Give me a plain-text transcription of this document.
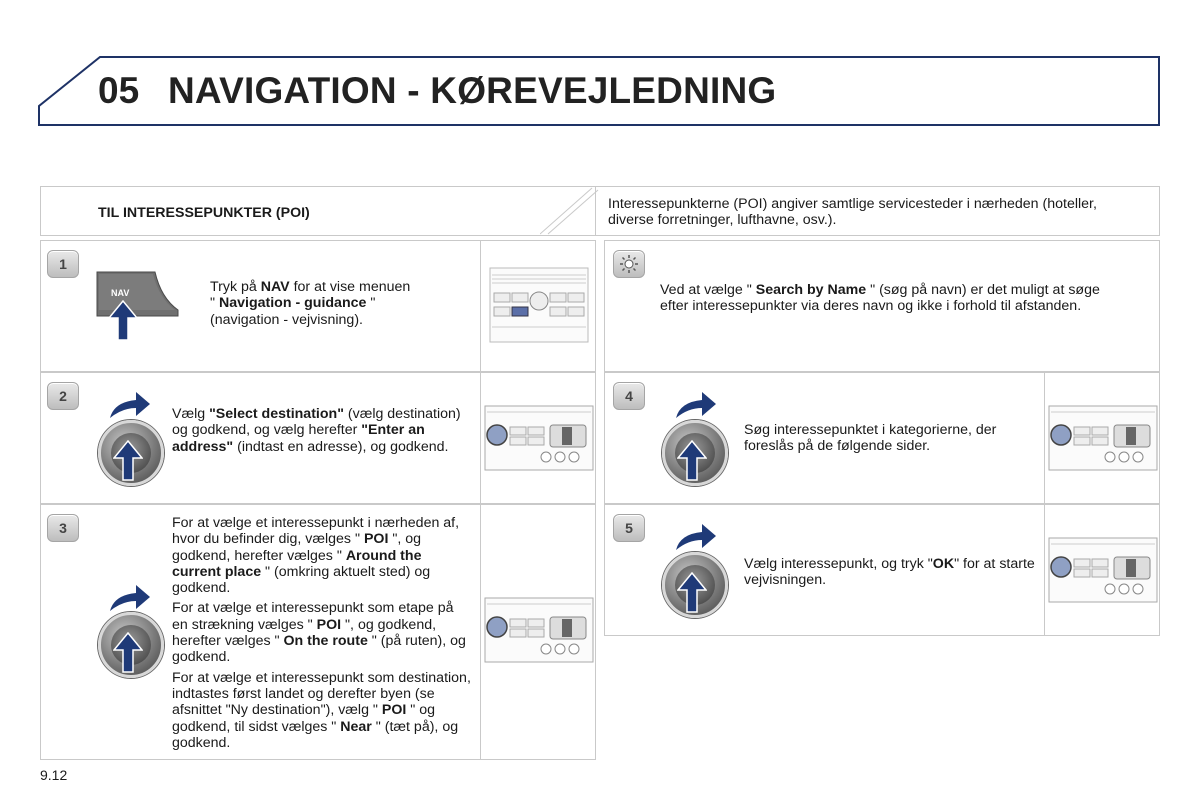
05 NAVIGATION - KØREVEJLEDNING
TIL INTERESSEPUNKTER (POI)
Interessepunkterne (POI) angiver samtlige servicesteder i nærheden (hoteller, diverse forretninger, lufthavne, osv.).
1
NAV	Tryk på NAV for at vise menuen
" Navigation - guidance "
(navigation - vejvisning).
Ved at vælge " Search by Name " (søg på navn) er det muligt at søge efter interessepunkter via deres navn og ikke i forhold til afstanden.
2
Vælg "Select destination" (vælg destination) og godkend, og vælg herefter "Enter an address" (indtast en adresse), og godkend.
4
Søg interessepunktet i kategorierne, der foreslås på de følgende sider.
3	For at vælge et interessepunkt i nærheden af, hvor du befinder dig, vælges " POI ", og godkend, herefter vælges " Around the current place " (omkring aktuelt sted) og godkend.

For at vælge et interessepunkt som etape på en strækning vælges " POI ", og godkend, herefter vælges " On the route " (på ruten), og godkend.

For at vælge et interessepunkt som destination, indtastes først landet og derefter byen (se afsnittet "Ny destination"), vælg " POI " og godkend, til sidst vælges " Near " (tæt på), og godkend.

5
Vælg interessepunkt, og tryk "OK" for at starte vejvisningen.
9.12
